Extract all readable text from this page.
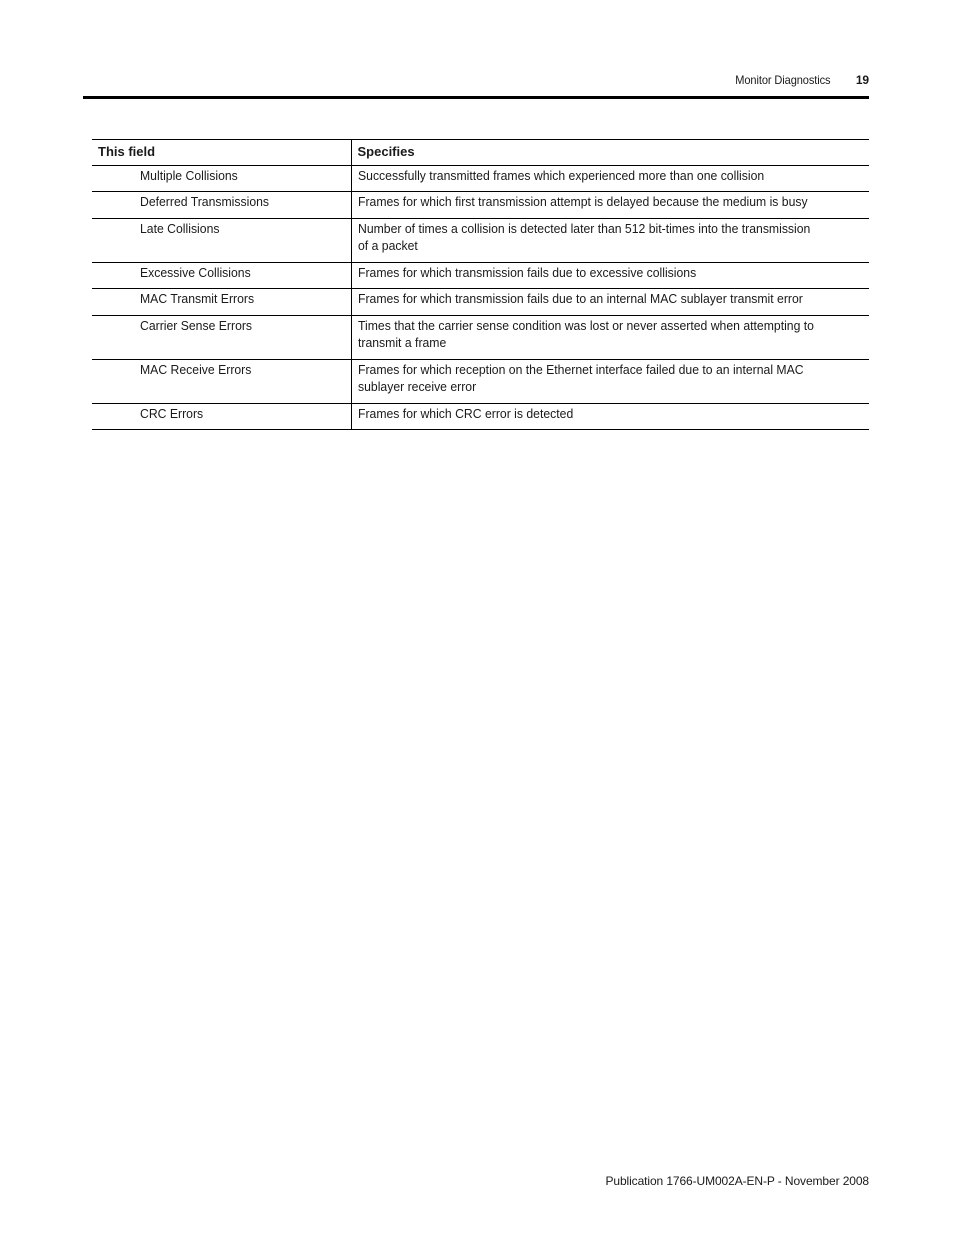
Monitor Diagnostics 19
This field	Specifies
Multiple Collisions	Successfully transmitted frames which experienced more than one collision
Deferred Transmissions	Frames for which first transmission attempt is delayed because the medium is busy
Late Collisions	Number of times a collision is detected later than 512 bit-times into the transmission of a packet
Excessive Collisions	Frames for which transmission fails due to excessive collisions
MAC Transmit Errors	Frames for which transmission fails due to an internal MAC sublayer transmit error
Carrier Sense Errors	Times that the carrier sense condition was lost or never asserted when attempting to transmit a frame
MAC Receive Errors	Frames for which reception on the Ethernet interface failed due to an internal MAC sublayer receive error
CRC Errors	Frames for which CRC error is detected
Publication 1766-UM002A-EN-P - November 2008
